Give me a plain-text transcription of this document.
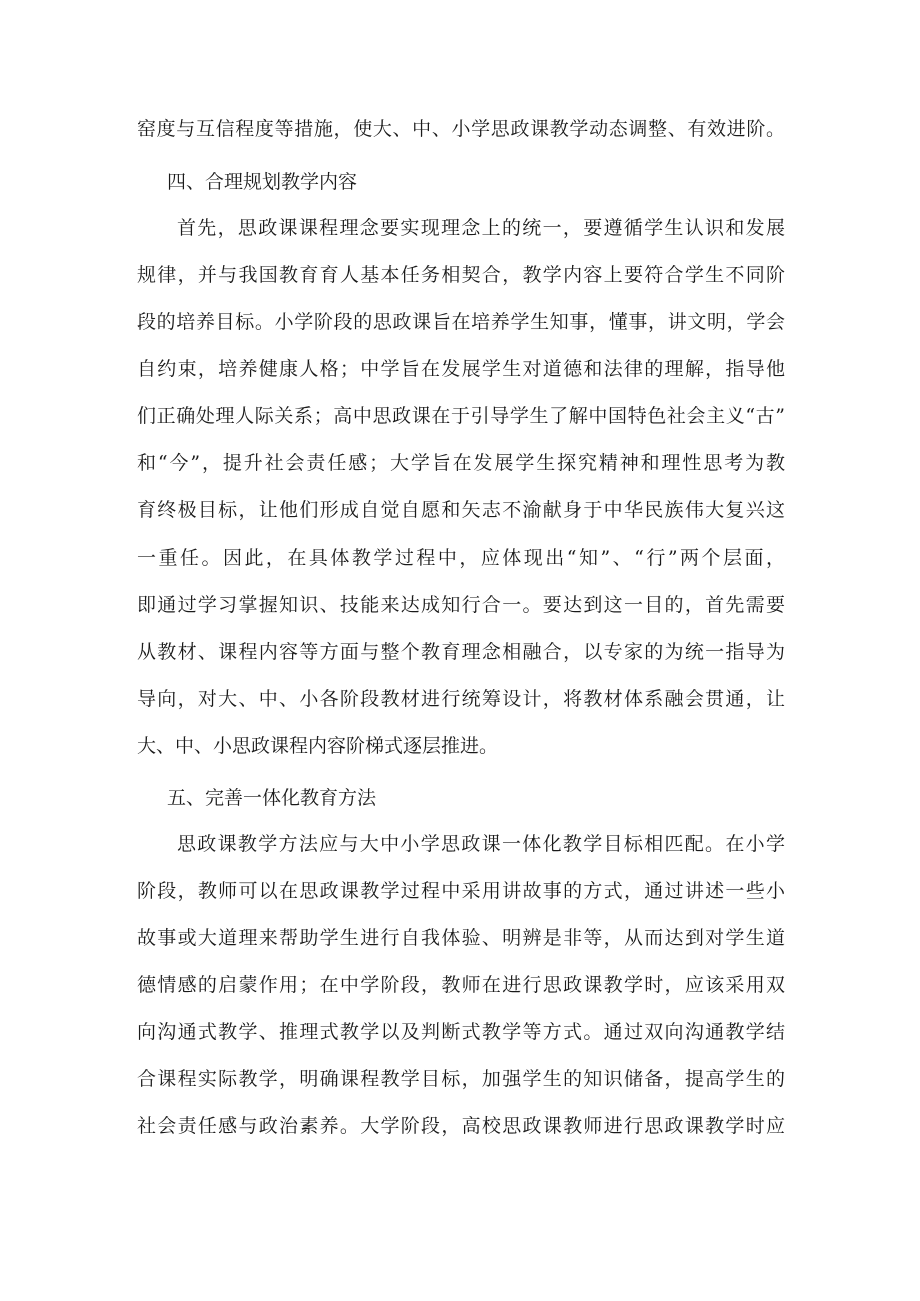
窑度与互信程度等措施，使大、中、小学思政课教学动态调整、有效进阶。
四、合理规划教学内容
首先，思政课课程理念要实现理念上的统一，要遵循学生认识和发展
规律，并与我国教育育人基本任务相契合，教学内容上要符合学生不同阶
段的培养目标。小学阶段的思政课旨在培养学生知事，懂事，讲文明，学会
自约束，培养健康人格；中学旨在发展学生对道德和法律的理解，指导他
们正确处理人际关系；高中思政课在于引导学生了解中国特色社会主义“古”
和“今”，提升社会责任感；大学旨在发展学生探究精神和理性思考为教
育终极目标，让他们形成自觉自愿和矢志不渝献身于中华民族伟大复兴这
一重任。因此，在具体教学过程中，应体现出“知”、“行”两个层面，
即通过学习掌握知识、技能来达成知行合一。要达到这一目的，首先需要
从教材、课程内容等方面与整个教育理念相融合，以专家的为统一指导为
导向，对大、中、小各阶段教材进行统筹设计，将教材体系融会贯通，让
大、中、小思政课程内容阶梯式逐层推进。
五、完善一体化教育方法
思政课教学方法应与大中小学思政课一体化教学目标相匹配。在小学
阶段，教师可以在思政课教学过程中采用讲故事的方式，通过讲述一些小
故事或大道理来帮助学生进行自我体验、明辨是非等，从而达到对学生道
德情感的启蒙作用；在中学阶段，教师在进行思政课教学时，应该采用双
向沟通式教学、推理式教学以及判断式教学等方式。通过双向沟通教学结
合课程实际教学，明确课程教学目标，加强学生的知识储备，提高学生的
社会责任感与政治素养。大学阶段，高校思政课教师进行思政课教学时应
